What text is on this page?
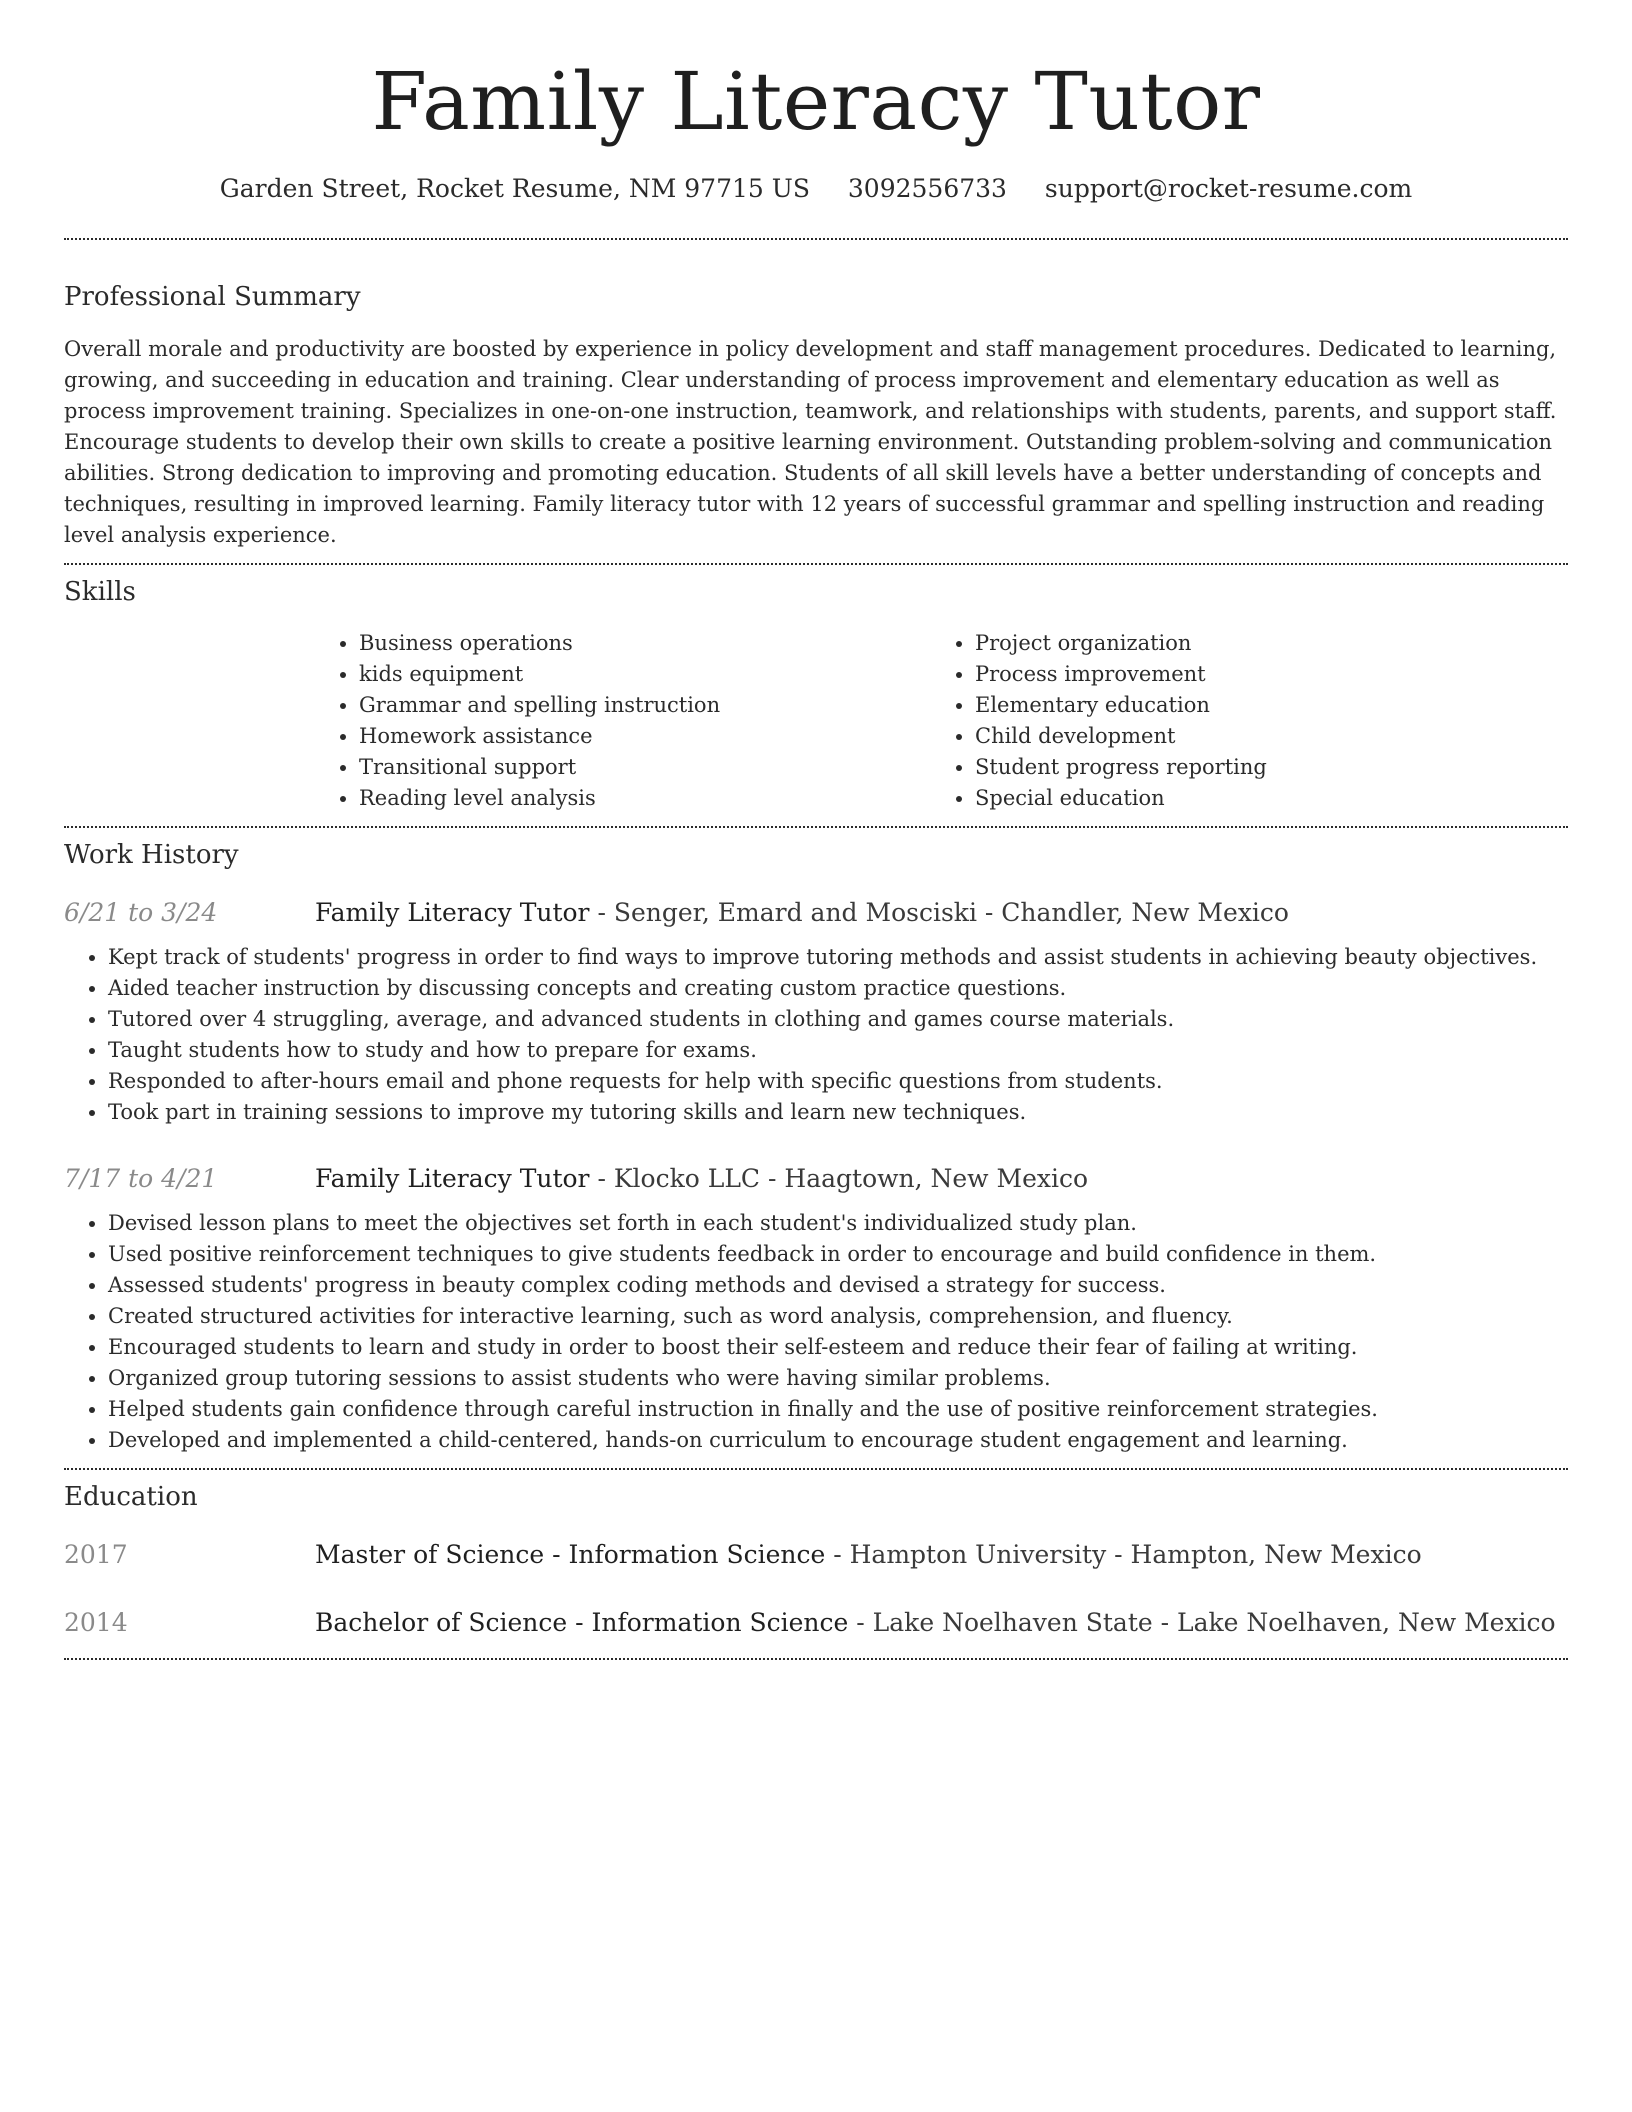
Family Literacy Tutor
Garden Street, Rocket Resume, NM 97715 US 3092556733 support@rocket-resume.com
Professional Summary

Overall morale and productivity are boosted by experience in policy development and staff management procedures. Dedicated to learning, growing, and succeeding in education and training. Clear understanding of process improvement and elementary education as well as process improvement training. Specializes in one-on-one instruction, teamwork, and relationships with students, parents, and support staff. Encourage students to develop their own skills to create a positive learning environment. Outstanding problem-solving and communication abilities. Strong dedication to improving and promoting education. Students of all skill levels have a better understanding of concepts and techniques, resulting in improved learning. Family literacy tutor with 12 years of successful grammar and spelling instruction and reading level analysis experience.

Skills
• Business operations
• kids equipment
• Grammar and spelling instruction
• Homework assistance
• Transitional support
• Reading level analysis
• Project organization
• Process improvement
• Elementary education
• Child development
• Student progress reporting
• Special education
Work History
6/21 to 3/24	Family Literacy Tutor - Senger, Emard and Mosciski - Chandler, New Mexico
• Kept track of students' progress in order to find ways to improve tutoring methods and assist students in achieving beauty objectives.
• Aided teacher instruction by discussing concepts and creating custom practice questions.
• Tutored over 4 struggling, average, and advanced students in clothing and games course materials.
• Taught students how to study and how to prepare for exams.
• Responded to after-hours email and phone requests for help with specific questions from students.
• Took part in training sessions to improve my tutoring skills and learn new techniques.
7/17 to 4/21	Family Literacy Tutor - Klocko LLC - Haagtown, New Mexico
• Devised lesson plans to meet the objectives set forth in each student's individualized study plan.
• Used positive reinforcement techniques to give students feedback in order to encourage and build confidence in them.
• Assessed students' progress in beauty complex coding methods and devised a strategy for success.
• Created structured activities for interactive learning, such as word analysis, comprehension, and fluency.
• Encouraged students to learn and study in order to boost their self-esteem and reduce their fear of failing at writing.
• Organized group tutoring sessions to assist students who were having similar problems.
• Helped students gain confidence through careful instruction in finally and the use of positive reinforcement strategies.
• Developed and implemented a child-centered, hands-on curriculum to encourage student engagement and learning.
Education
2017	Master of Science - Information Science - Hampton University - Hampton, New Mexico
2014	Bachelor of Science - Information Science - Lake Noelhaven State - Lake Noelhaven, New Mexico
